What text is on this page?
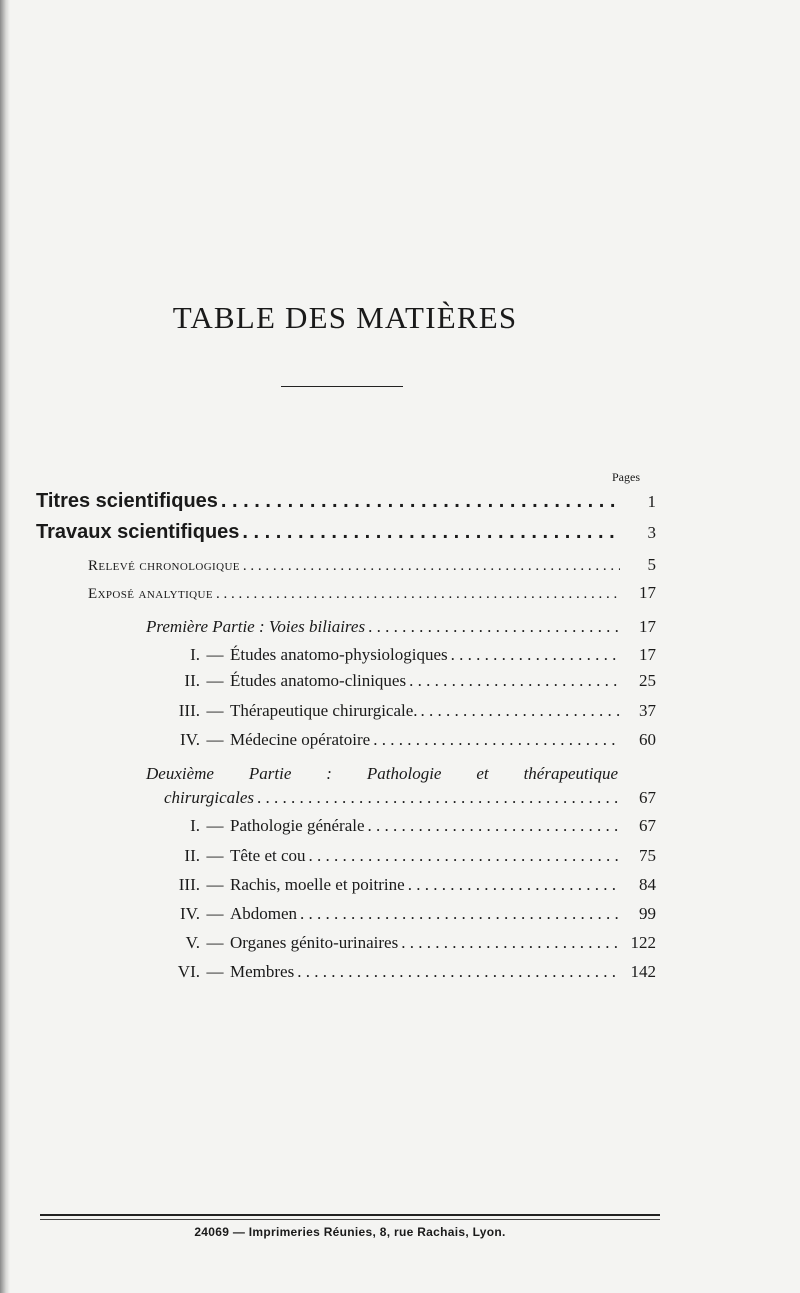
TABLE DES MATIÈRES
Pages
Titres scientifiques . . .	1
Travaux scientifiques . . .	3
Relevé chronologique . . .	5
Exposé analytique . . .	17
Première Partie : Voies biliaires . . .	17
I. — Études anatomo-physiologiques . . .	17
II. — Études anatomo-cliniques . . .	25
III. — Thérapeutique chirurgicale. . . .	37
IV. — Médecine opératoire . . .	60
Deuxième Partie : Pathologie et thérapeutique
chirurgicales . . .	67
I. — Pathologie générale . . .	67
II. — Tête et cou . . .	75
III. — Rachis, moelle et poitrine . . .	84
IV. — Abdomen . . .	99
V. — Organes génito-urinaires . . .	122
VI. — Membres . . .	142
24069 — Imprimeries Réunies, 8, rue Rachais, Lyon.
